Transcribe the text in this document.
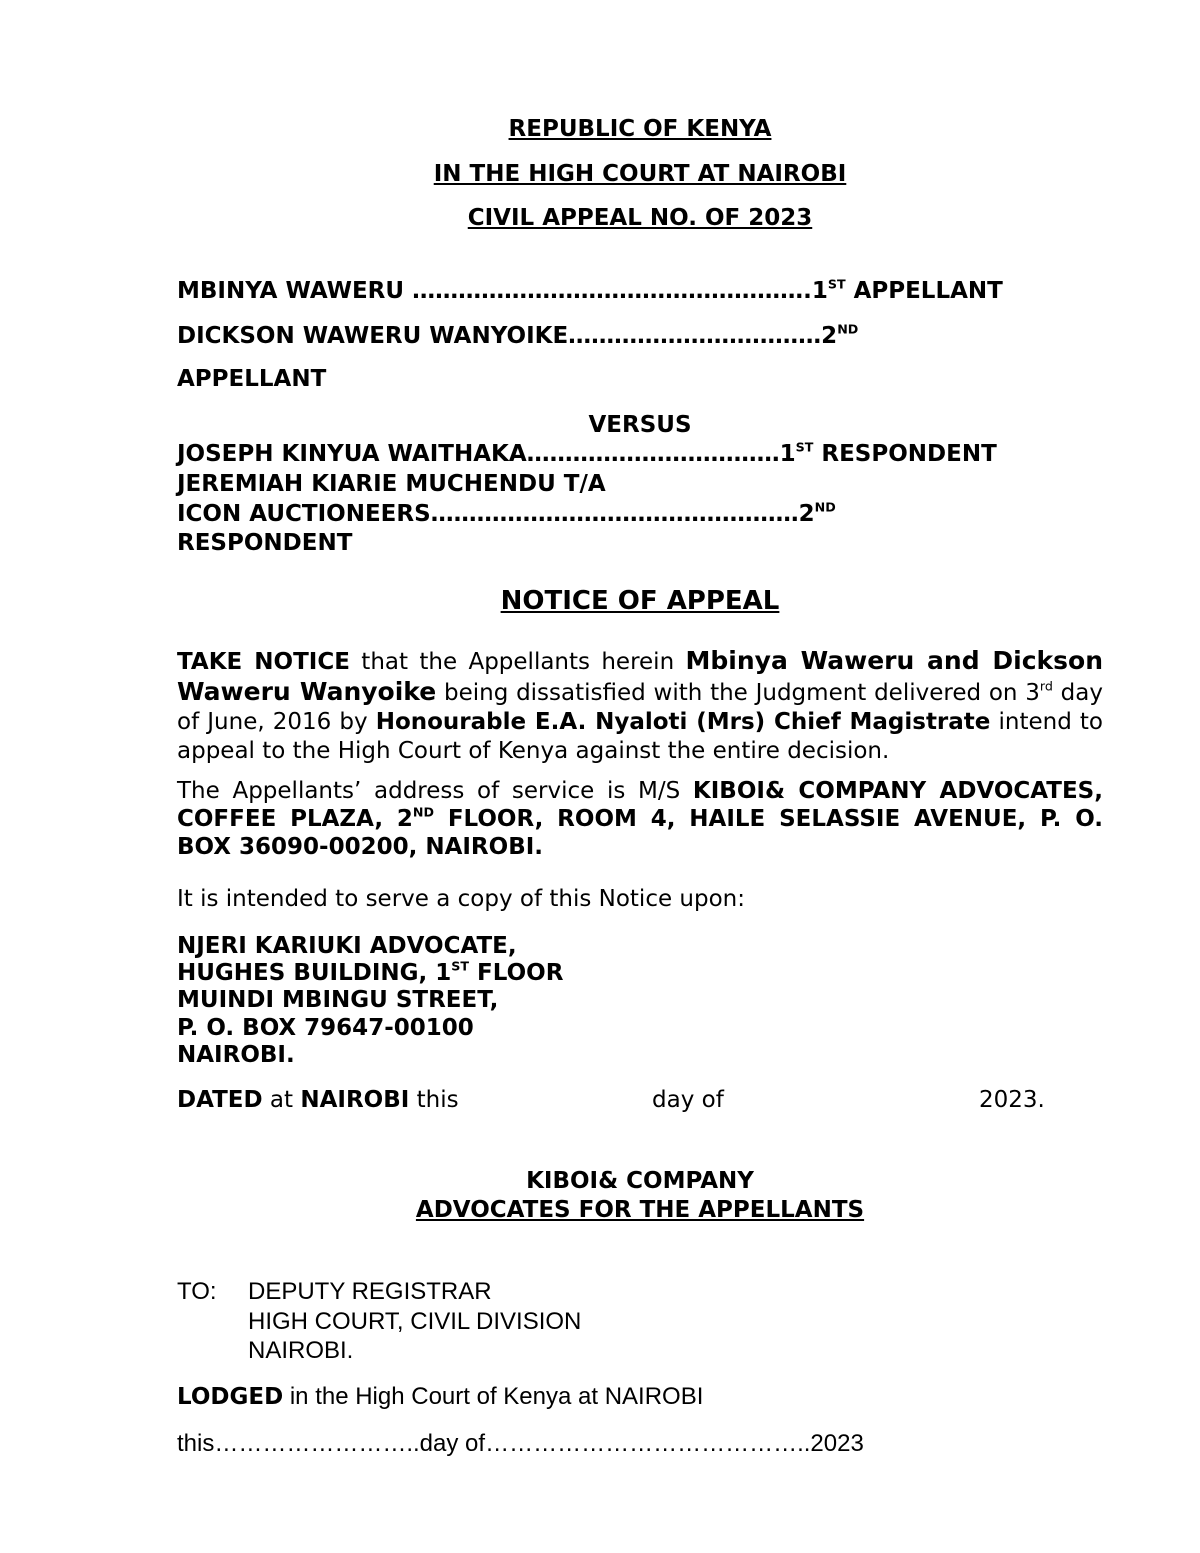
REPUBLIC OF KENYA
IN THE HIGH COURT AT NAIROBI
CIVIL APPEAL NO. OF 2023
MBINYA WAWERU …………………………………………….1ST APPELLANT
DICKSON WAWERU WANYOIKE……………………………2ND
APPELLANT
VERSUS
JOSEPH KINYUA WAITHAKA……………………………1ST RESPONDENT
JEREMIAH KIARIE MUCHENDU T/A
ICON AUCTIONEERS…………………………………………2ND
RESPONDENT
NOTICE OF APPEAL
TAKE NOTICE that the Appellants herein Mbinya Waweru and Dickson Waweru Wanyoike being dissatisfied with the Judgment delivered on 3rd day of June, 2016 by Honourable E.A. Nyaloti (Mrs) Chief Magistrate intend to appeal to the High Court of Kenya against the entire decision.
The Appellants’ address of service is M/S KIBOI& COMPANY ADVOCATES, COFFEE PLAZA, 2ND FLOOR, ROOM 4, HAILE SELASSIE AVENUE, P. O. BOX 36090-00200, NAIROBI.
It is intended to serve a copy of this Notice upon:
NJERI KARIUKI ADVOCATE,
HUGHES BUILDING, 1ST FLOOR
MUINDI MBINGU STREET,
P. O. BOX 79647-00100
NAIROBI.
DATED at NAIROBI this	day of	2023.
KIBOI& COMPANY
ADVOCATES FOR THE APPELLANTS
TO: DEPUTY REGISTRAR
HIGH COURT, CIVIL DIVISION
NAIROBI.
LODGED in the High Court of Kenya at NAIROBI
this……………………..day of…………………………………..2023
